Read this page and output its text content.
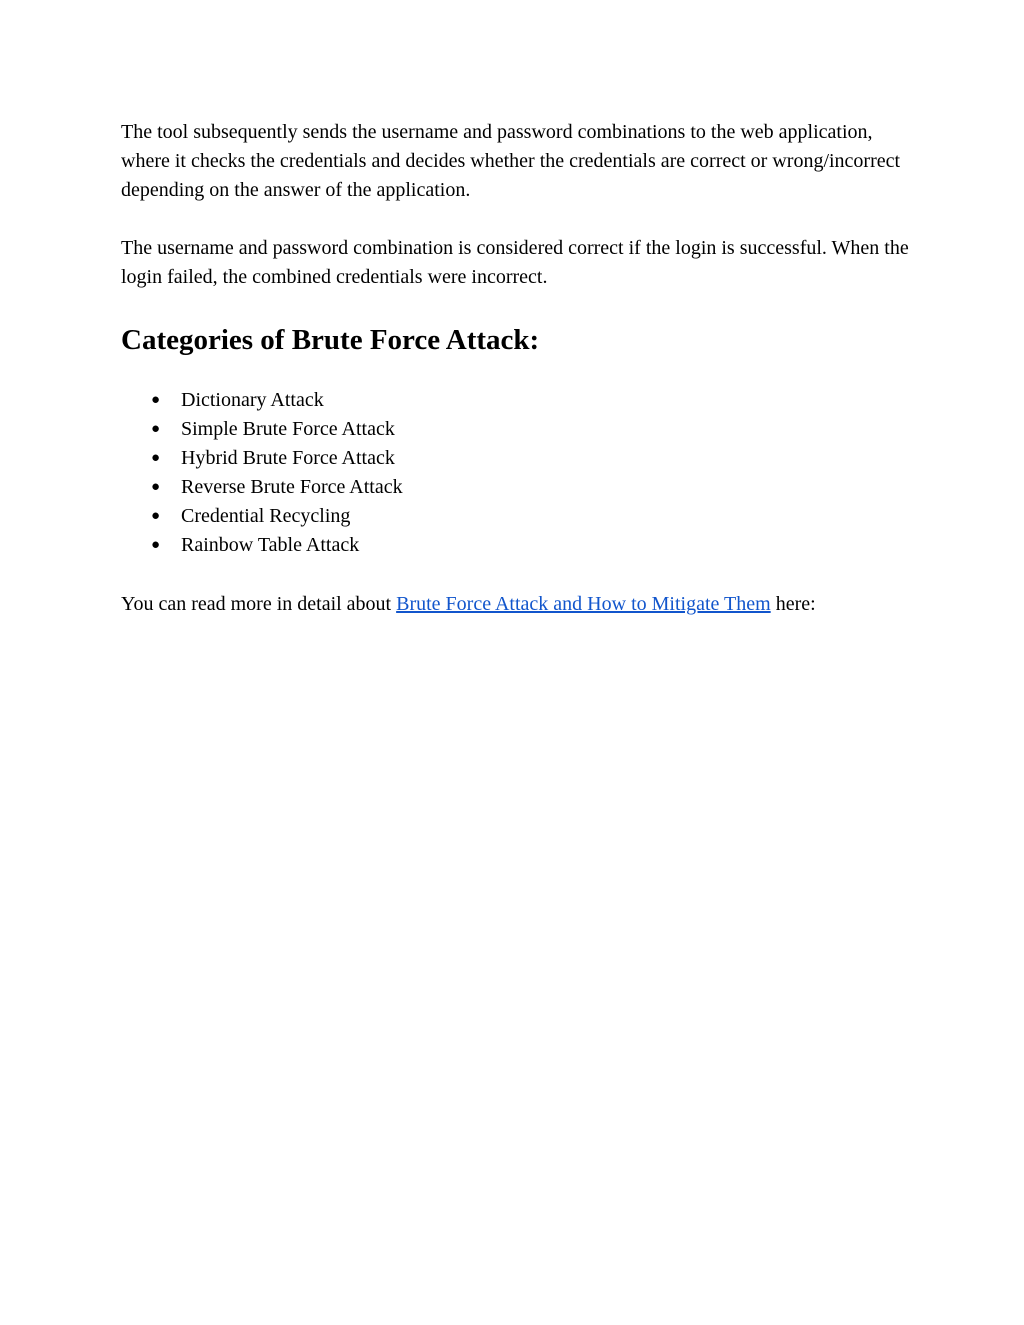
The tool subsequently sends the username and password combinations to the web application, where it checks the credentials and decides whether the credentials are correct or wrong/incorrect depending on the answer of the application.

The username and password combination is considered correct if the login is successful. When the login failed, the combined credentials were incorrect.

Categories of Brute Force Attack:
● Dictionary Attack
● Simple Brute Force Attack
● Hybrid Brute Force Attack
● Reverse Brute Force Attack
● Credential Recycling
● Rainbow Table Attack

You can read more in detail about Brute Force Attack and How to Mitigate Them here:
